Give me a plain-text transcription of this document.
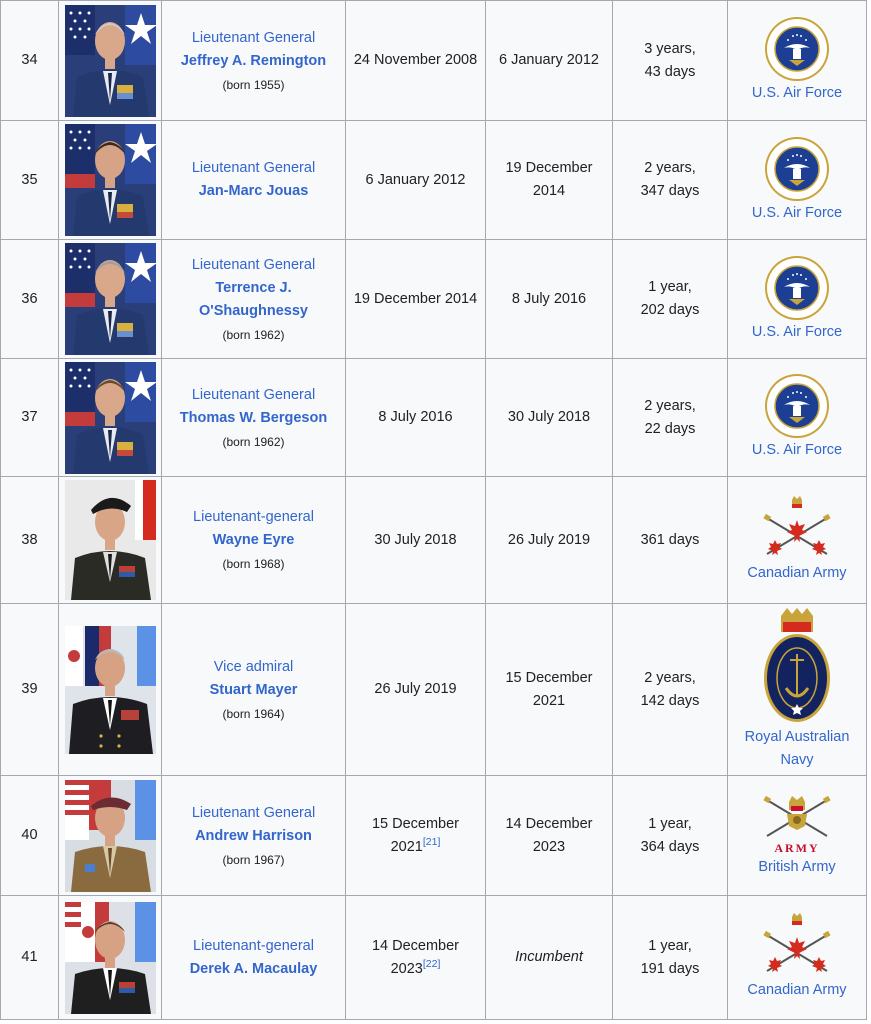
34		Lieutenant General
Jeffrey A. Remington
(born 1955)	24 November 2008	6 January 2012	3 years,
43 days	U.S. Air Force

35		Lieutenant General
Jan-Marc Jouas	6 January 2012	19 December 2014	2 years,
347 days	U.S. Air Force

36		Lieutenant General
Terrence J. O'Shaughnessy
(born 1962)	19 December 2014	8 July 2016	1 year,
202 days	U.S. Air Force

37		Lieutenant General
Thomas W. Bergeson
(born 1962)	8 July 2016	30 July 2018	2 years,
22 days	U.S. Air Force

38		Lieutenant-general
Wayne Eyre
(born 1968)	30 July 2018	26 July 2019	361 days	Canadian Army

39		Vice admiral
Stuart Mayer
(born 1964)	26 July 2019	15 December 2021	2 years,
142 days	Royal Australian Navy

40		Lieutenant General
Andrew Harrison
(born 1967)	15 December 2021[21]	14 December 2023	1 year,
364 days	ARMY
British Army

41		Lieutenant-general
Derek A. Macaulay	14 December 2023[22]	Incumbent	1 year,
191 days	Canadian Army
